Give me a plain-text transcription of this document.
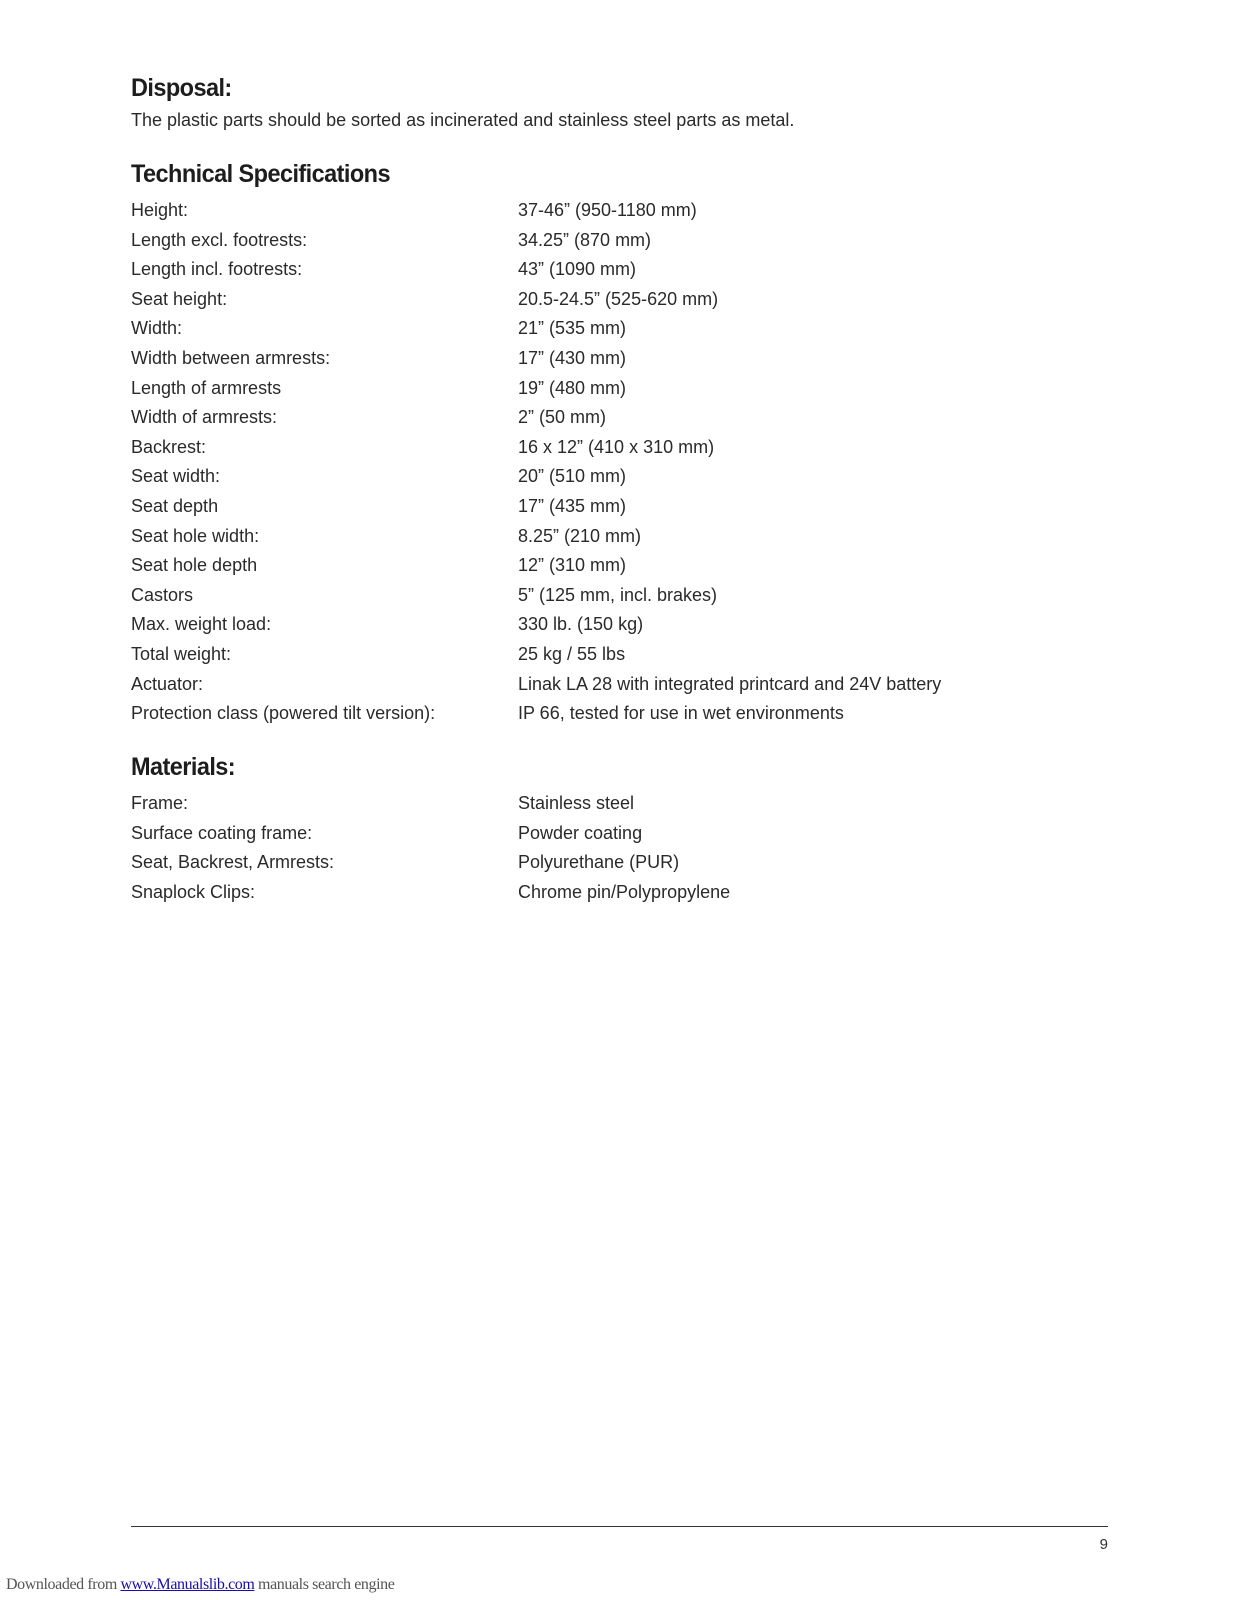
Disposal:

The plastic parts should be sorted as incinerated and stainless steel parts as metal.

Technical Specifications
Height:	37-46” (950-1180 mm)
Length excl. footrests:	34.25” (870 mm)
Length incl. footrests:	43” (1090 mm)
Seat height:	20.5-24.5” (525-620 mm)
Width:	21” (535 mm)
Width between armrests:	17” (430 mm)
Length of armrests	19” (480 mm)
Width of armrests:	2” (50 mm)
Backrest:	16 x 12” (410 x 310 mm)
Seat width:	20” (510 mm)
Seat depth	17” (435 mm)
Seat hole width:	8.25” (210 mm)
Seat hole depth	12” (310 mm)
Castors	5” (125 mm, incl. brakes)
Max. weight load:	330 lb. (150 kg)
Total weight:	25 kg / 55 lbs
Actuator:	Linak LA 28 with integrated printcard and 24V battery
Protection class (powered tilt version):	IP 66, tested for use in wet environments
Materials:
Frame:	Stainless steel
Surface coating frame:	Powder coating
Seat, Backrest, Armrests:	Polyurethane (PUR)
Snaplock Clips:	Chrome pin/Polypropylene
9
Downloaded from www.Manualslib.com manuals search engine
